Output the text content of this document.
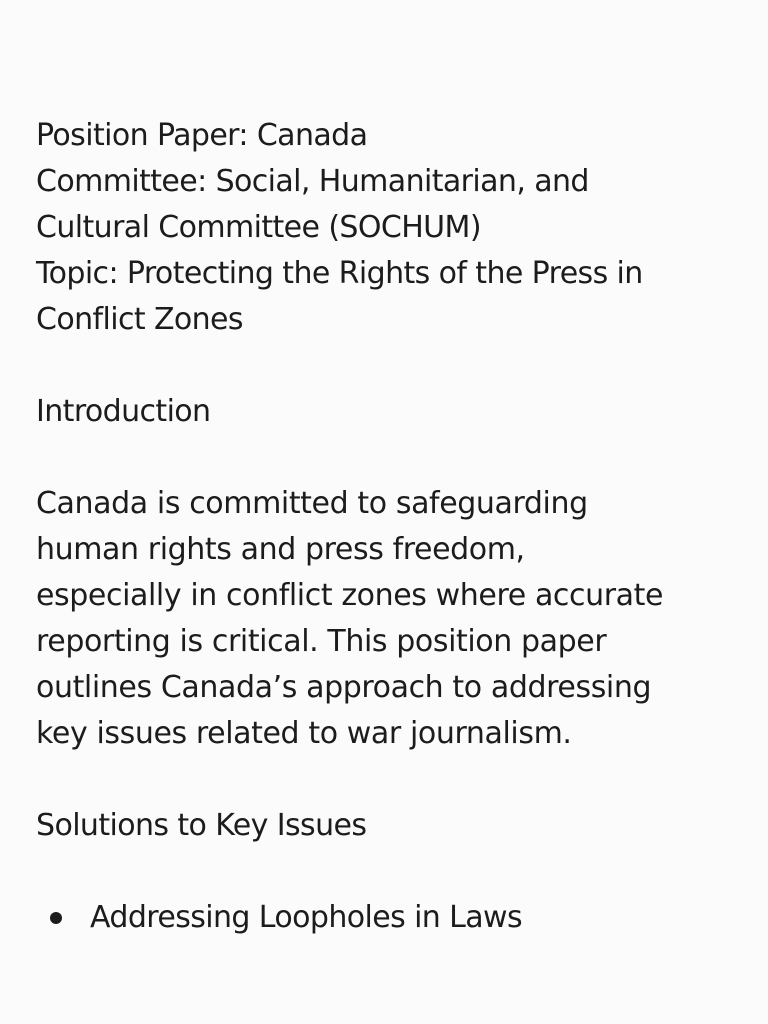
Position Paper: Canada
Committee: Social, Humanitarian, and
Cultural Committee (SOCHUM)
Topic: Protecting the Rights of the Press in
Conflict Zones
Introduction
Canada is committed to safeguarding
human rights and press freedom,
especially in conflict zones where accurate
reporting is critical. This position paper
outlines Canada’s approach to addressing
key issues related to war journalism.
Solutions to Key Issues
Addressing Loopholes in Laws
